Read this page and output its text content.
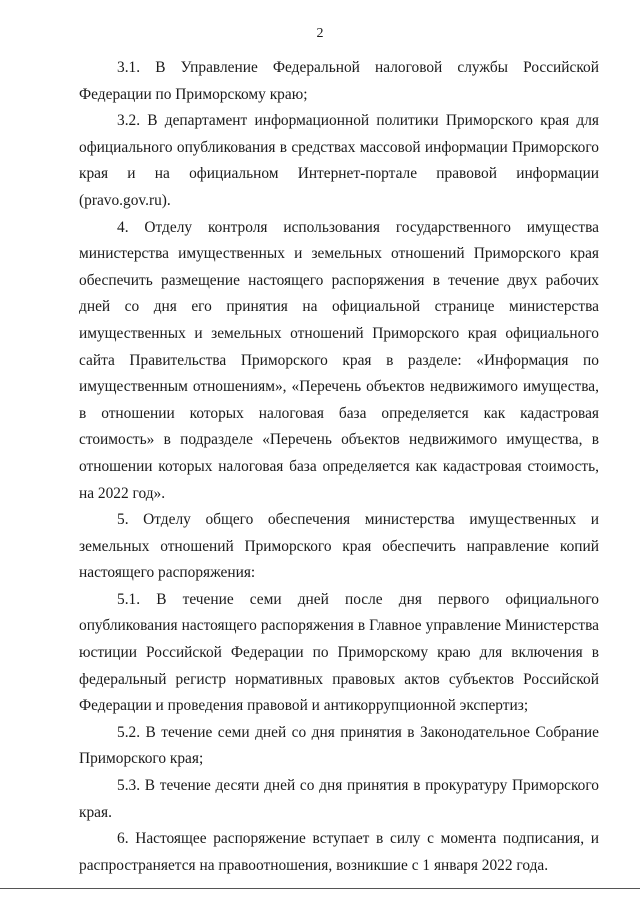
2

3.1. В Управление Федеральной налоговой службы Российской Федерации по Приморскому краю;

3.2. В департамент информационной политики Приморского края для официального опубликования в средствах массовой информации Приморского края и на официальном Интернет-портале правовой информации (pravo.gov.ru).

4. Отделу контроля использования государственного имущества министерства имущественных и земельных отношений Приморского края обеспечить размещение настоящего распоряжения в течение двух рабочих дней со дня его принятия на официальной странице министерства имущественных и земельных отношений Приморского края официального сайта Правительства Приморского края в разделе: «Информация по имущественным отношениям», «Перечень объектов недвижимого имущества, в отношении которых налоговая база определяется как кадастровая стоимость» в подразделе «Перечень объектов недвижимого имущества, в отношении которых налоговая база определяется как кадастровая стоимость, на 2022 год».

5. Отделу общего обеспечения министерства имущественных и земельных отношений Приморского края обеспечить направление копий настоящего распоряжения:

5.1. В течение семи дней после дня первого официального опубликования настоящего распоряжения в Главное управление Министерства юстиции Российской Федерации по Приморскому краю для включения в федеральный регистр нормативных правовых актов субъектов Российской Федерации и проведения правовой и антикоррупционной экспертиз;

5.2. В течение семи дней со дня принятия в Законодательное Собрание Приморского края;

5.3. В течение десяти дней со дня принятия в прокуратуру Приморского края.

6. Настоящее распоряжение вступает в силу с момента подписания, и распространяется на правоотношения, возникшие с 1 января 2022 года.
